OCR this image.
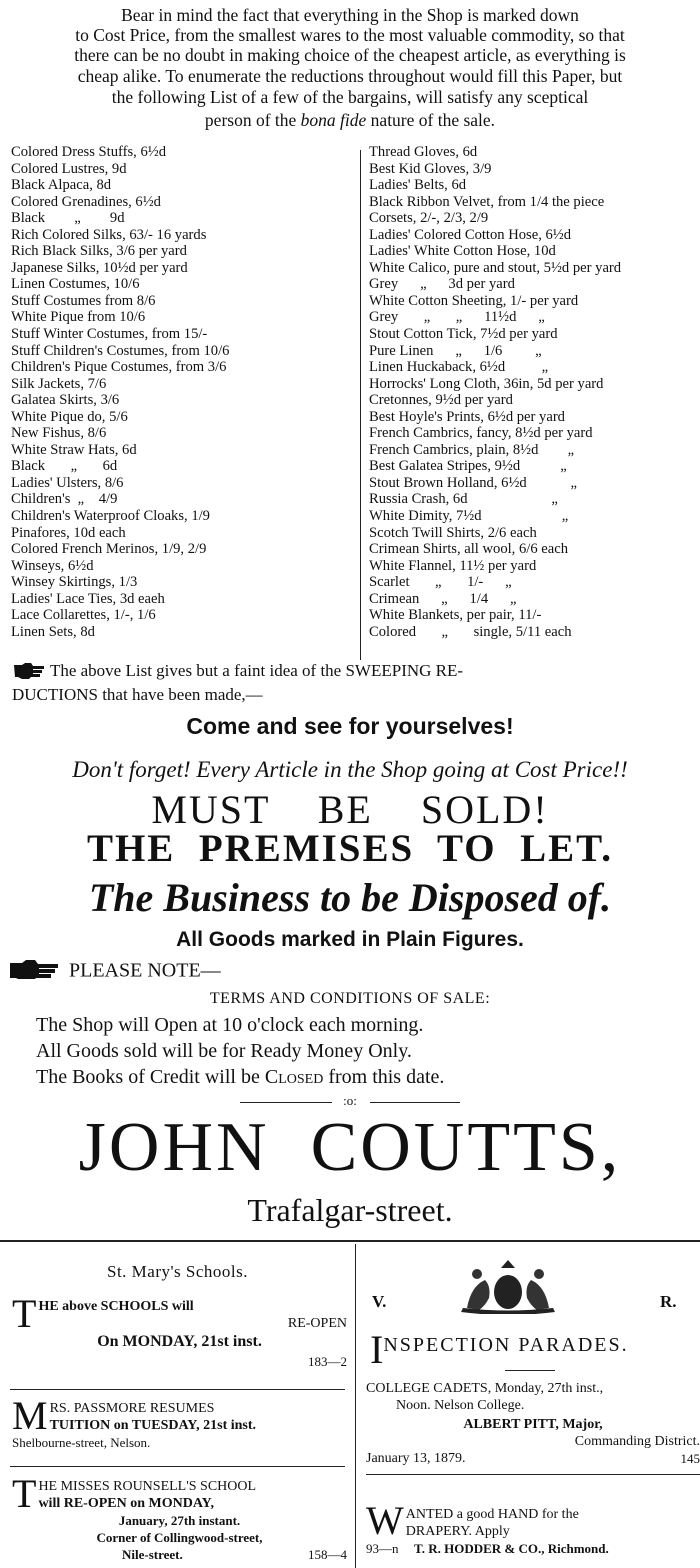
Bear in mind the fact that everything in the Shop is marked down
to Cost Price, from the smallest wares to the most valuable commodity, so that
there can be no doubt in making choice of the cheapest article, as everything is
cheap alike. To enumerate the reductions throughout would fill this Paper, but
the following List of a few of the bargains, will satisfy any sceptical
person of the bona fide nature of the sale.
Colored Dress Stuffs, 6½d
Colored Lustres, 9d
Black Alpaca, 8d
Colored Grenadines, 6½d
Black        „        9d
Rich Colored Silks, 63/- 16 yards
Rich Black Silks, 3/6 per yard
Japanese Silks, 10½d per yard
Linen Costumes, 10/6
Stuff Costumes from 8/6
White Pique from 10/6
Stuff Winter Costumes, from 15/-
Stuff Children's Costumes, from 10/6
Children's Pique Costumes, from 3/6
Silk Jackets, 7/6
Galatea Skirts, 3/6
White Pique do, 5/6
New Fishus, 8/6
White Straw Hats, 6d
Black       „       6d
Ladies' Ulsters, 8/6
Children's  „    4/9
Children's Waterproof Cloaks, 1/9
Pinafores, 10d each
Colored French Merinos, 1/9, 2/9
Winseys, 6½d
Winsey Skirtings, 1/3
Ladies' Lace Ties, 3d eaeh
Lace Collarettes, 1/-, 1/6
Linen Sets, 8d
Thread Gloves, 6d
Best Kid Gloves, 3/9
Ladies' Belts, 6d
Black Ribbon Velvet, from 1/4 the piece
Corsets, 2/-, 2/3, 2/9
Ladies' Colored Cotton Hose, 6½d
Ladies' White Cotton Hose, 10d
White Calico, pure and stout, 5½d per yard
Grey      „      3d per yard
White Cotton Sheeting, 1/- per yard
Grey       „       „      11½d      „
Stout Cotton Tick, 7½d per yard
Pure Linen      „      1/6         „
Linen Huckaback, 6½d          „
Horrocks' Long Cloth, 36in, 5d per yard
Cretonnes, 9½d per yard
Best Hoyle's Prints, 6½d per yard
French Cambrics, fancy, 8½d per yard
French Cambrics, plain, 8½d        „
Best Galatea Stripes, 9½d           „
Stout Brown Holland, 6½d            „
Russia Crash, 6d                       „
White Dimity, 7½d                      „
Scotch Twill Shirts, 2/6 each
Crimean Shirts, all wool, 6/6 each
White Flannel, 11½ per yard
Scarlet       „       1/-      „
Crimean      „      1/4      „
White Blankets, per pair, 11/-
Colored       „       single, 5/11 each
The above List gives but a faint idea of the SWEEPING RE-
DUCTIONS that have been made,—
Come and see for yourselves!
Don't forget! Every Article in the Shop going at Cost Price!!
MUST    BE    SOLD!
THE  PREMISES  TO  LET.
The Business to be Disposed of.
All Goods marked in Plain Figures.
PLEASE NOTE—
TERMS AND CONDITIONS OF SALE:
The Shop will Open at 10 o'clock each morning.
All Goods sold will be for Ready Money Only.
The Books of Credit will be Closed from this date.
:o:
JOHN  COUTTS,
Trafalgar-street.
St. Mary's Schools.
T HE above SCHOOLS will
RE-OPEN
On MONDAY, 21st inst.
183—2
M RS. PASSMORE RESUMES
TUITION on TUESDAY, 21st inst.
Shelbourne-street, Nelson.
T HE MISSES ROUNSELL'S SCHOOL
will RE-OPEN on MONDAY,
January, 27th instant.
Corner of Collingwood-street,
Nile-street.	158—4
V.	R.
I NSPECTION PARADES.
COLLEGE CADETS, Monday, 27th inst.,
Noon. Nelson College.
ALBERT PITT, Major,
Commanding District.
January 13, 1879.	145
W ANTED a good HAND for the
DRAPERY. Apply
93—n T. R. HODDER & CO., Richmond.
